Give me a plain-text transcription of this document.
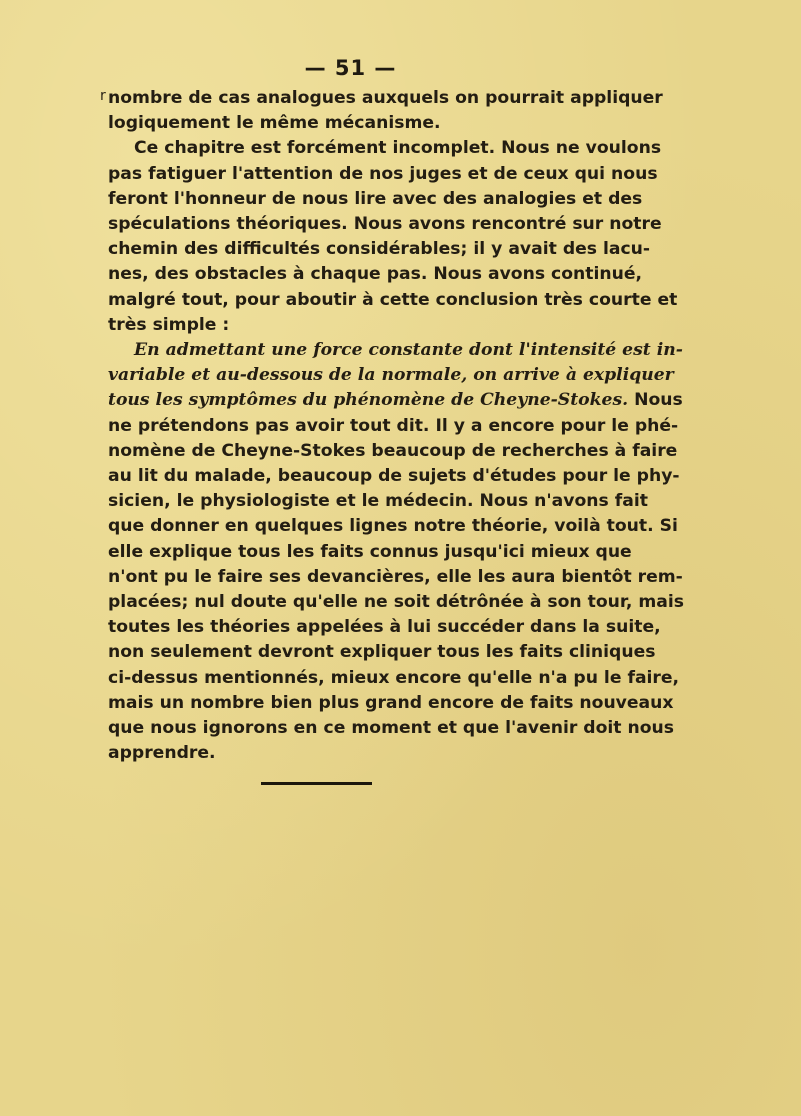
— 51 —
r nombre de cas analogues auxquels on pourrait appliquer
logiquement le même mécanisme.
Ce chapitre est forcément incomplet. Nous ne voulons
pas fatiguer l'attention de nos juges et de ceux qui nous
feront l'honneur de nous lire avec des analogies et des
spéculations théoriques. Nous avons rencontré sur notre
chemin des difficultés considérables; il y avait des lacu-
nes, des obstacles à chaque pas. Nous avons continué,
malgré tout, pour aboutir à cette conclusion très courte et
très simple :
En admettant une force constante dont l'intensité est in-
variable et au-dessous de la normale, on arrive à expliquer
tous les symptômes du phénomène de Cheyne-Stokes. Nous
ne prétendons pas avoir tout dit. Il y a encore pour le phé-
nomène de Cheyne-Stokes beaucoup de recherches à faire
au lit du malade, beaucoup de sujets d'études pour le phy-
sicien, le physiologiste et le médecin. Nous n'avons fait
que donner en quelques lignes notre théorie, voilà tout. Si
elle explique tous les faits connus jusqu'ici mieux que
n'ont pu le faire ses devancières, elle les aura bientôt rem-
placées; nul doute qu'elle ne soit détrônée à son tour, mais
toutes les théories appelées à lui succéder dans la suite,
non seulement devront expliquer tous les faits cliniques
ci-dessus mentionnés, mieux encore qu'elle n'a pu le faire,
mais un nombre bien plus grand encore de faits nouveaux
que nous ignorons en ce moment et que l'avenir doit nous
apprendre.
